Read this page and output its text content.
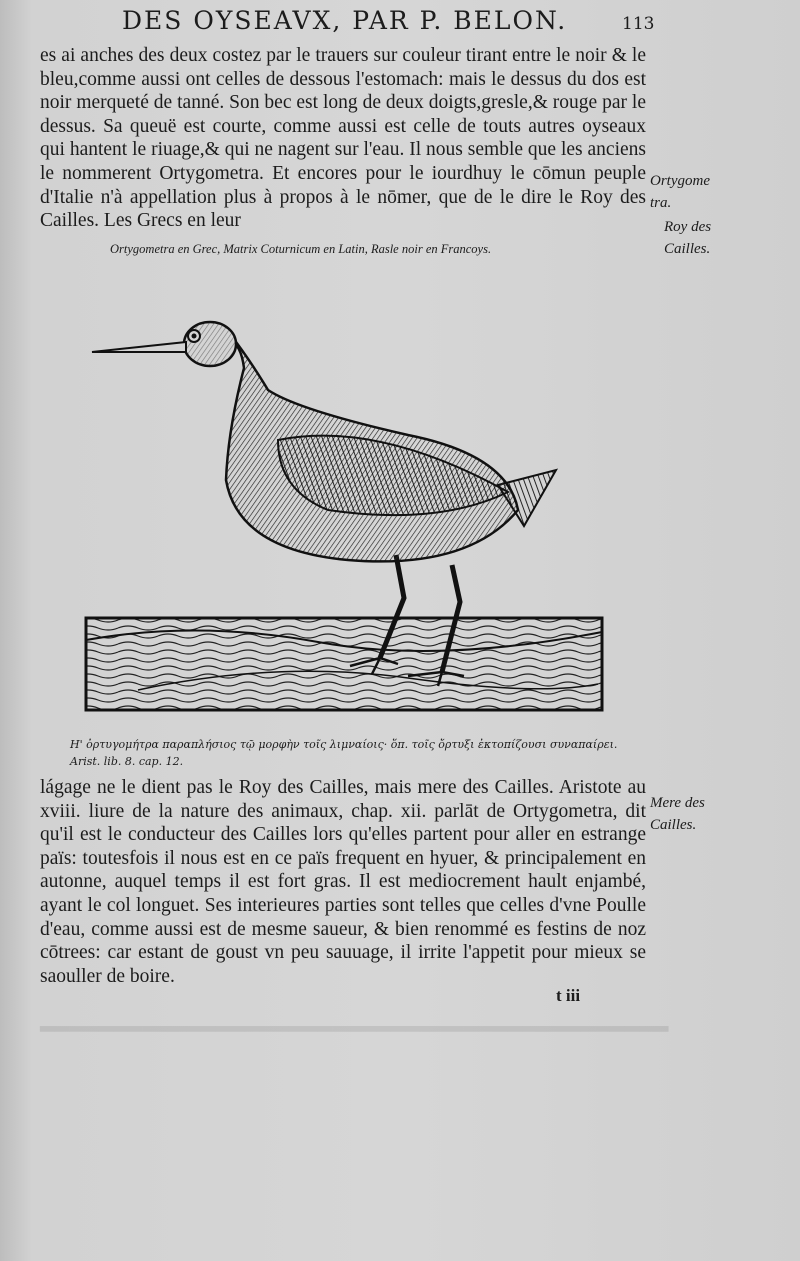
▂▂▂▂▂▂▂▂▂▂▂▂▂▂▂▂▂▂▂▂▂▂▂▂▂▂▂▂▂▂▂▂▂▂▂▂▂▂▂▂▂▂▂
DES OYSEAVX, PAR P. BELON.	113

es ai anches des deux costez par le trauers sur couleur tirant entre le noir & le bleu,comme aussi ont celles de dessous l'estomach: mais le dessus du dos est noir merqueté de tanné. Son bec est long de deux doigts,gresle,& rouge par le dessus. Sa queuë est courte, comme aussi est celle de touts autres oyseaux qui hantent le riuage,& qui ne nagent sur l'eau. Il nous semble que les anciens le nommerent Ortygometra. Et encores pour le iourdhuy le cōmun peuple d'Italie n'à appellation plus à propos à le nōmer, que de le dire le Roy des Cailles. Les Grecs en leur

Ortygome
tra.
Roy des
Cailles.
Ortygometra en Grec, Matrix Coturnicum en Latin, Rasle noir en Francoys.
Η' ὀρτυγομήτρα παραπλήσιος τῷ μορφὴν τοῖς λιμναίοις· ὅπ. τοῖς ὄρτυξι ἐκτοπίζουσι συναπαίρει.
Arist. lib. 8. cap. 12.

lágage ne le dient pas le Roy des Cailles, mais mere des Cailles. Aristote au xviii. liure de la nature des animaux, chap. xii. parlāt de Ortygometra, dit qu'il est le conducteur des Cailles lors qu'elles partent pour aller en estrange païs: toutesfois il nous est en ce païs frequent en hyuer, & principalement en autonne, auquel temps il est fort gras. Il est mediocrement hault enjambé, ayant le col longuet. Ses interieures parties sont telles que celles d'vne Poulle d'eau, comme aussi est de mesme saueur, & bien renommé es festins de noz cōtrees: car estant de goust vn peu sauuage, il irrite l'appetit pour mieux se saouller de boire.

Mere des
Cailles.
t iii
